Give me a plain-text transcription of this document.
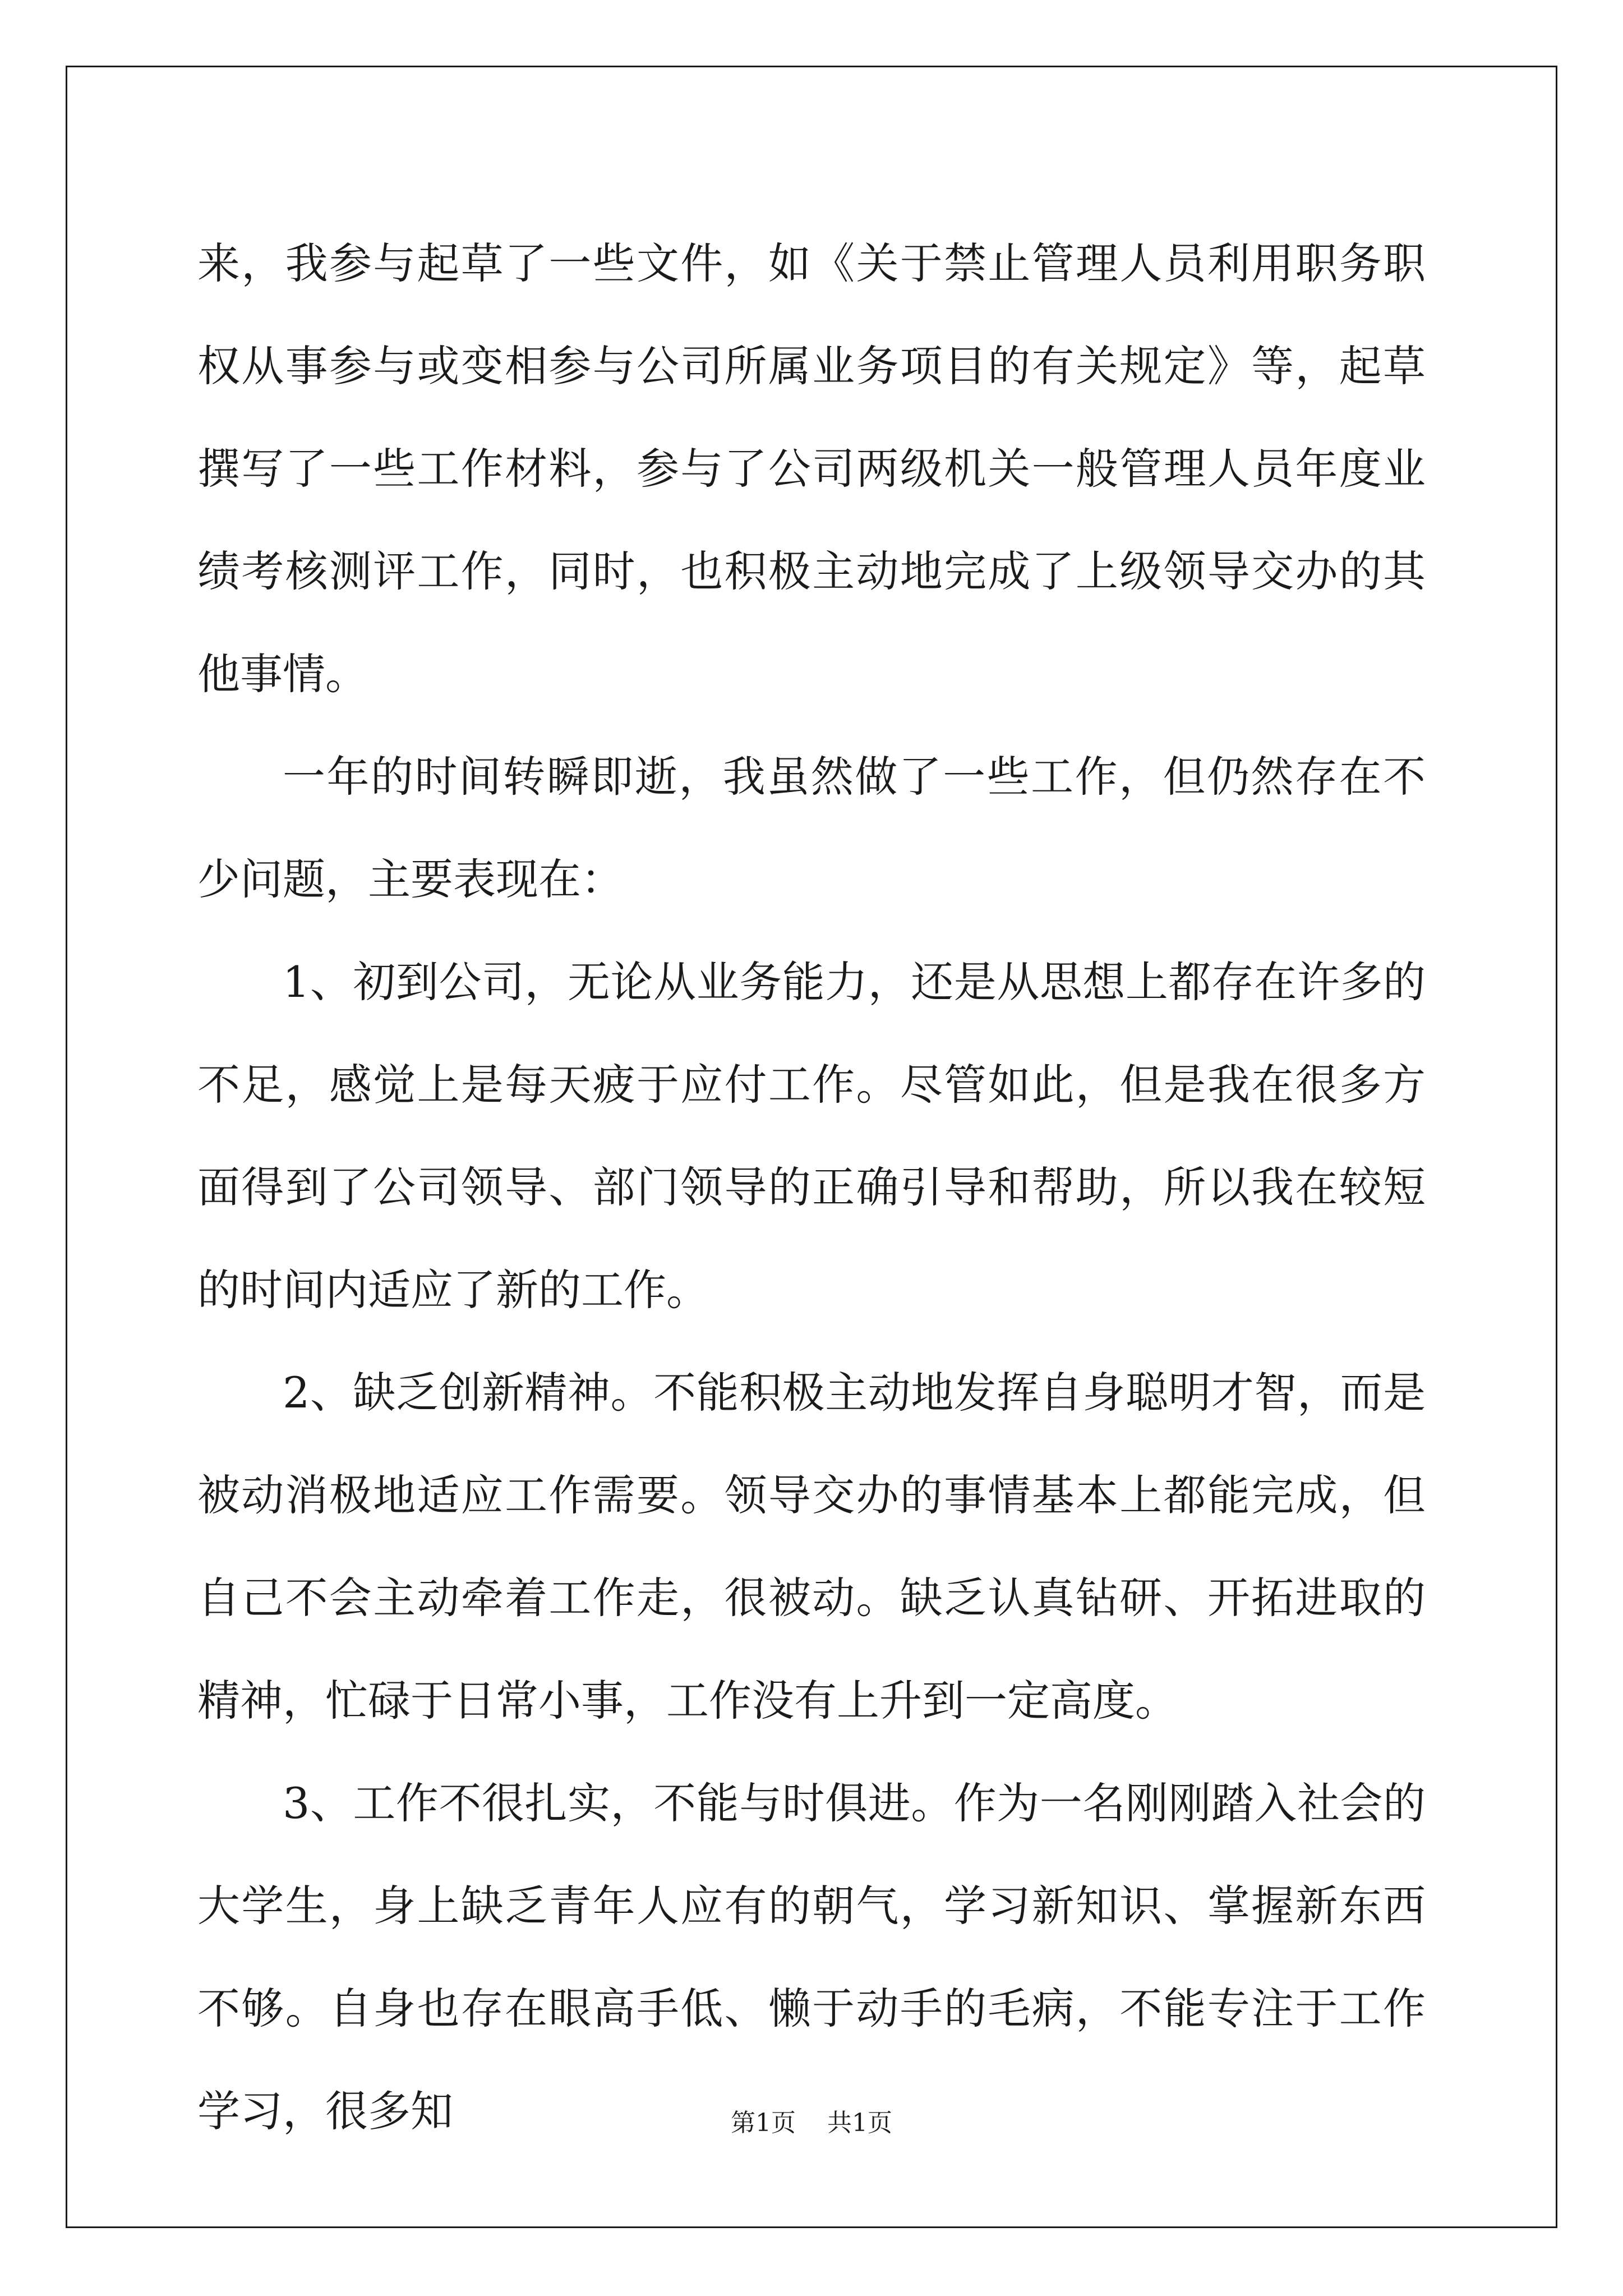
来，我参与起草了一些文件，如《关于禁止管理人员利用职务职权从事参与或变相参与公司所属业务项目的有关规定》等，起草撰写了一些工作材料，参与了公司两级机关一般管理人员年度业绩考核测评工作，同时，也积极主动地完成了上级领导交办的其他事情。

一年的时间转瞬即逝，我虽然做了一些工作，但仍然存在不少问题，主要表现在：

1、初到公司，无论从业务能力，还是从思想上都存在许多的不足，感觉上是每天疲于应付工作。尽管如此，但是我在很多方面得到了公司领导、部门领导的正确引导和帮助，所以我在较短的时间内适应了新的工作。

2、缺乏创新精神。不能积极主动地发挥自身聪明才智，而是被动消极地适应工作需要。领导交办的事情基本上都能完成，但自己不会主动牵着工作走，很被动。缺乏认真钻研、开拓进取的精神，忙碌于日常小事，工作没有上升到一定高度。

3、工作不很扎实，不能与时俱进。作为一名刚刚踏入社会的大学生，身上缺乏青年人应有的朝气，学习新知识、掌握新东西不够。自身也存在眼高手低、懒于动手的毛病，不能专注于工作学习，很多知	第1页 共1页
